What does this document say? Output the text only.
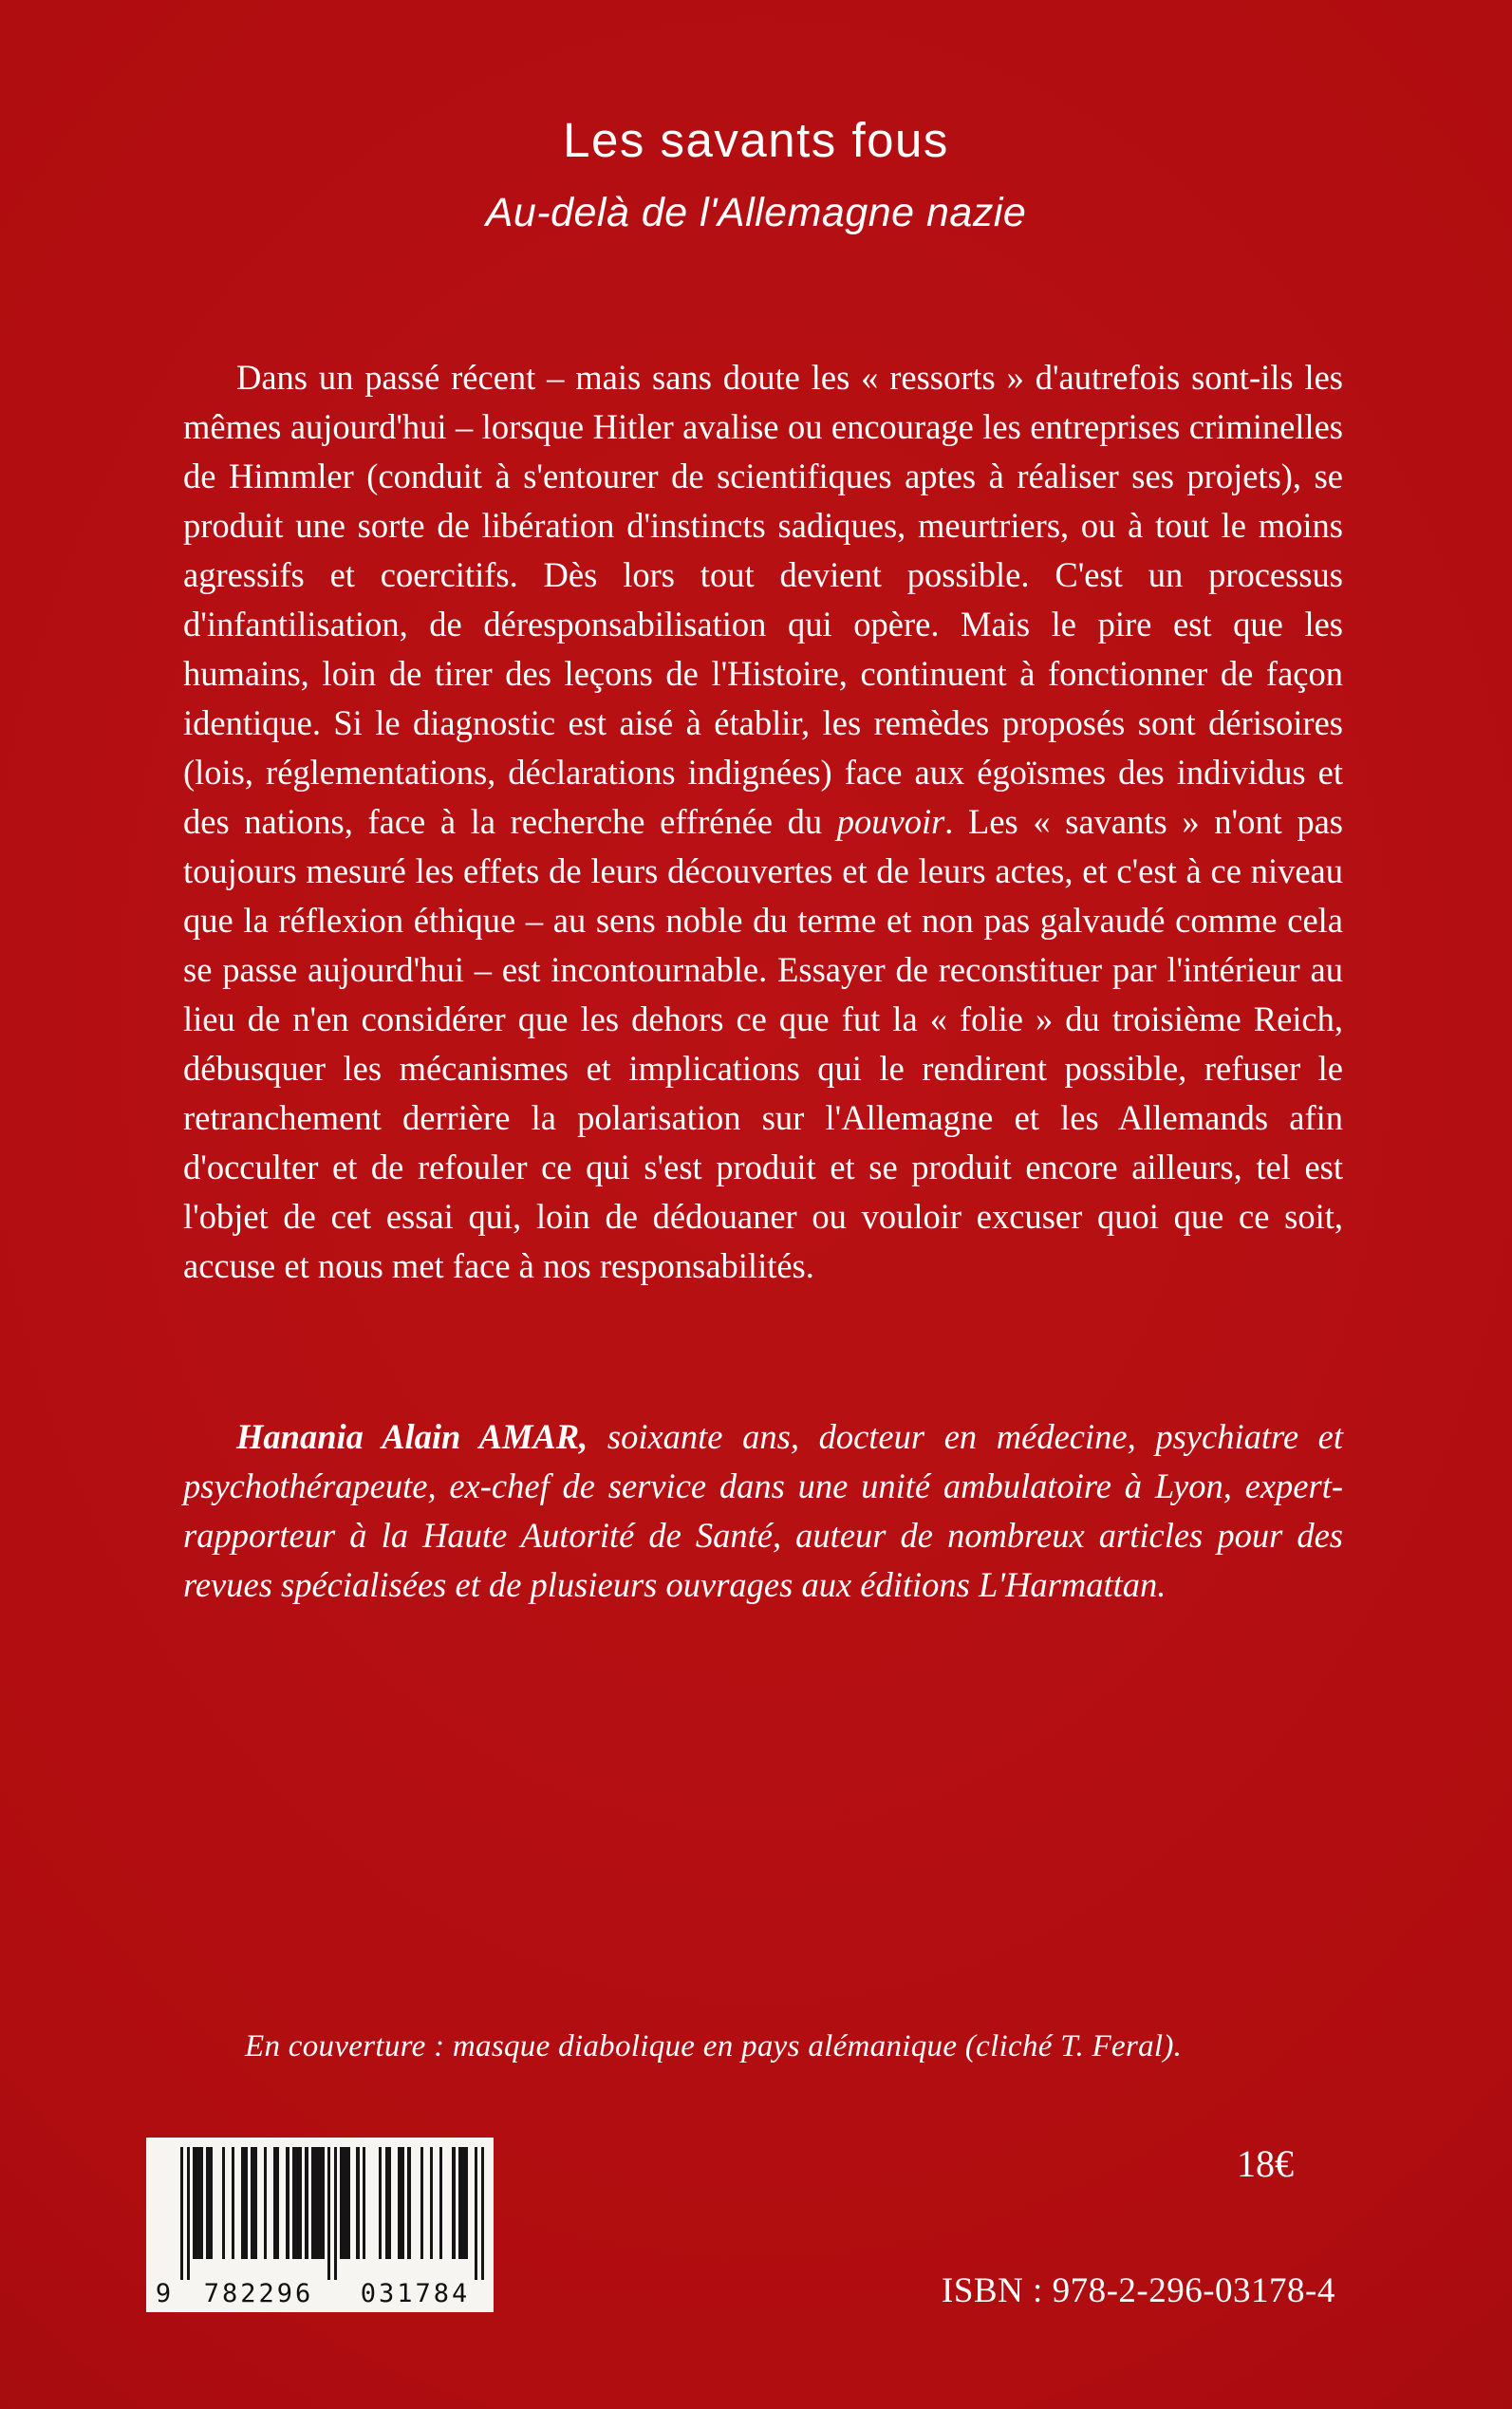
Les savants fous
Au-delà de l'Allemagne nazie

Dans un passé récent – mais sans doute les « ressorts » d'autrefois sont-ils les mêmes aujourd'hui – lorsque Hitler avalise ou encourage les entreprises criminelles de Himmler (conduit à s'entourer de scientifiques aptes à réaliser ses projets), se produit une sorte de libération d'instincts sadiques, meurtriers, ou à tout le moins agressifs et coercitifs. Dès lors tout devient possible. C'est un processus d'infantilisation, de déresponsabilisation qui opère. Mais le pire est que les humains, loin de tirer des leçons de l'Histoire, continuent à fonctionner de façon identique. Si le diagnostic est aisé à établir, les remèdes proposés sont dérisoires (lois, réglementations, déclarations indignées) face aux égoïsmes des individus et des nations, face à la recherche effrénée du pouvoir. Les « savants » n'ont pas toujours mesuré les effets de leurs découvertes et de leurs actes, et c'est à ce niveau que la réflexion éthique – au sens noble du terme et non pas galvaudé comme cela se passe aujourd'hui – est incontournable. Essayer de reconstituer par l'intérieur au lieu de n'en considérer que les dehors ce que fut la « folie » du troisième Reich, débusquer les mécanismes et implications qui le rendirent possible, refuser le retranchement derrière la polarisation sur l'Allemagne et les Allemands afin d'occulter et de refouler ce qui s'est produit et se produit encore ailleurs, tel est l'objet de cet essai qui, loin de dédouaner ou vouloir excuser quoi que ce soit, accuse et nous met face à nos responsabilités.

Hanania Alain AMAR, soixante ans, docteur en médecine, psychiatre et psychothérapeute, ex-chef de service dans une unité ambulatoire à Lyon, expert-rapporteur à la Haute Autorité de Santé, auteur de nombreux articles pour des revues spécialisées et de plusieurs ouvrages aux éditions L'Harmattan.

En couverture : masque diabolique en pays alémanique (cliché T. Feral).

9	782296	031784
18€
ISBN : 978-2-296-03178-4
